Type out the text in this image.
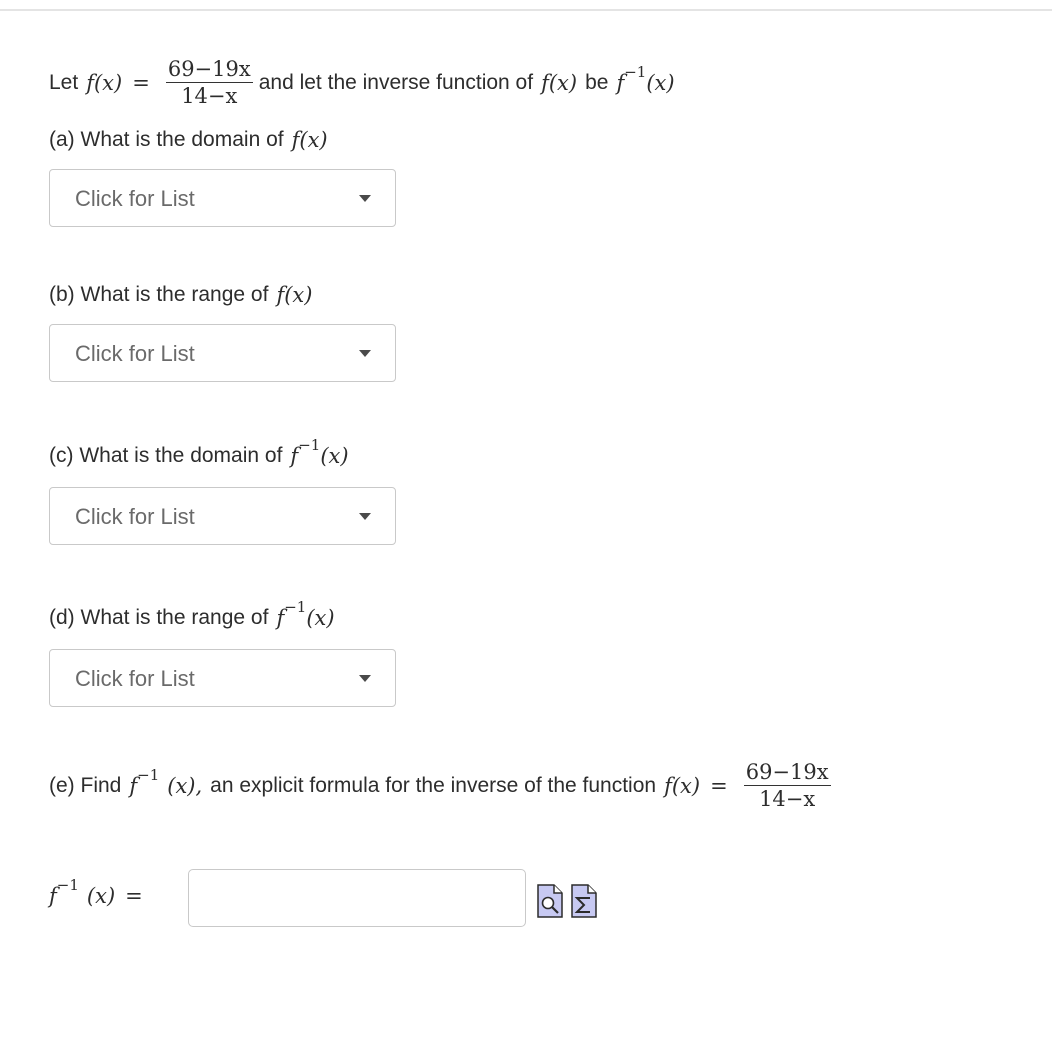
Let $f(x) = \frac{69-19x}{14-x}$ and let the inverse function of f(x) be f −1 (x)
(a) What is the domain of f(x)
Click for List
(b) What is the range of f(x)
Click for List
(c) What is the domain of f −1 (x)
Click for List
(d) What is the range of f −1 (x)
Click for List
(e) Find f −1 (x), an explicit formula for the inverse of the function $f(x) = \frac{69-19x}{14-x}$
f −1 (x) =
